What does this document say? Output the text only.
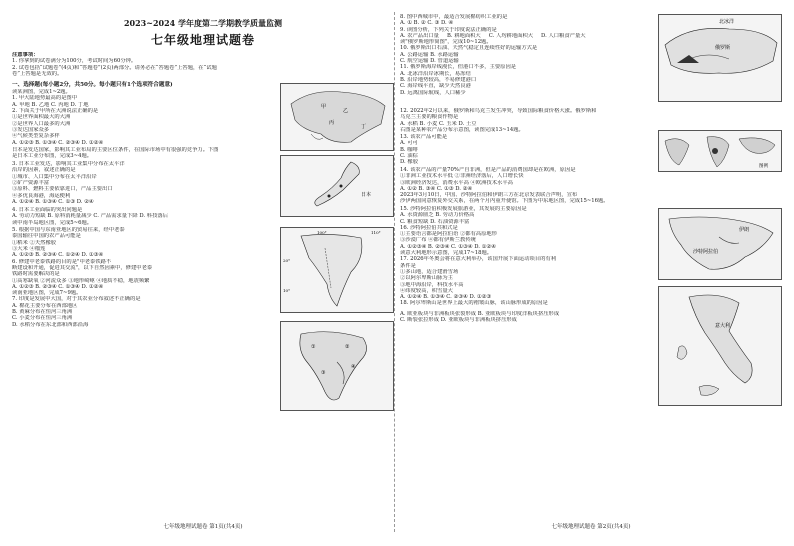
2023~2024 学年度第二学期教学质量监测
七年级地理试题卷
注意事项：
1. 你拿到的试卷满分为100分，考试时间为60分钟。
2. 试卷包括“试题卷”(4页)和“答题卷”(2页)两部分。请务必在“答题卷”上答题，在“试题
卷”上答题是无效的。
一、选择题(每小题2分，共50分。每小题只有1个选项符合题意)
读某洲图，完成1~2题。
1. 甲大陆地势最高的是图中
A. 甲地 B. 乙地 C. 丙地 D. 丁地
2. 下面关于甲所在大洲说法正确的是
①是世界面积最大的大洲
②是世界人口最多的大洲
③发达国家众多
④气候类型复杂多样
A. ①②③ B. ①③④ C. ②③④ D. ①②④
日本是发达国家，影响其工业布局的主要区位条件，在国际市场中有很强的竞争力。下图
是日本工业分布图，完成3~4题。
3. 日本工业发达，影响其工业集中分布在太平洋
沿岸的因素，叙述正确的是
①城市、人口集中分布在太平洋沿岸
②矿产资源丰富
③原料、燃料主要依靠进口，产品主要出口
④多优良海港，海运便利
A. ①②④ B. ①③④ C. ①③ D. ②④
4. 日本工业面临的突出问题是
A. 劳动力短缺 B. 原料消耗量减少 C. 产品需求量下降 D. 科技落后
读中南半岛地区图，完成5~6题。
5. 根据中国与东南亚地区的贸易往来，经中老泰
泰国输往中国的农产品可能是
①稻米 ②天然橡胶
③大米 ④榴莲
A. ①②③ B. ②③④ C. ①②④ D. ①③④
6. 修建中老泰铁路的目的是"中老泰铁路不
断建设和开通，促进其交流"，以下自然因素中，修建中老泰
铁路时需要解决的是
①高寒缺氧 ②河流众多 ③地形崎岖 ④地质不稳，地震频繁
A. ①②③ B. ②③④ C. ①③④ D. ①②④
读南亚地区图，完成7~9题。
7. 印度是发展中大国，对于其农业分布叙述不正确的是
A. 棉花主要分布在西部地区
B. 黄麻分布在恒河三角洲
C. 小麦分布在恒河三角洲
D. 水稻分布在东北部和西部沿海
甲
乙
丙
丁
日本
100°	110°
20°
10°
①	②
③
④
七年级地理试题卷 第1页(共4页)
8. 图中西城市中，最适合发展棉纺织工业的是
A. ① B. ② C. ③ D. ④
9. 读图分析，下列关于印度说法正确的是
A. 农产品出口量 B. 耕地面积大 C. 人均耕地面积大 D. 人口粮食产量大
读"俄罗斯地形简图"，完成10~12题。
10. 俄罗斯出口石油、天然气稳定且连续性好的运输方式是
A. 公路运输 B. 水路运输
C. 航空运输 D. 管道运输
11. 俄罗斯海岸线漫长，但港口不多，主要原因是
A. 北冰洋沿岸冰期长，易冻结
B. 沿岸地势较高，不易修建港口
C. 海岸线平直，缺少天然良港
D. 远离国际航线，人口稀少
12. 2022年2月以来，俄罗斯和乌克兰发生冲突，导致国际粮食价格大涨。俄罗斯和
乌克兰主要的粮食作物是
A. 水稻 B. 小麦 C. 玉米 D. 土豆
右图是某种农产品分布示意图，读图完成13~14题。
13. 该农产品可能是
A. 可可
B. 咖啡
C. 油棕
D. 橡胶
14. 该农产品的产量70%产自非洲，但是产品的消费国却是在欧洲，原因是
①非洲工业技术水平低 ②非洲经济落后，人口增长快
③欧洲经济发达，消费水平高 ④欧洲技术水平高
A. ①② B. ③④ C. ①③ D. ②④
2023年3月10日，中国、沙特阿拉伯和伊朗三方在北京发表联合声明，宣布
沙伊两国同意恢复外交关系，在两个月内重开使馆。下图为中东地区图，完成15~16题。
15. 沙特阿拉伯积极发展旅游业，其发展的主要原因是
A. 水资源匮乏 B. 劳动力价格高
C. 粮食短缺 D. 石油资源丰富
16. 沙特阿拉伯共和式是
①主要语言都是阿拉伯语 ②都有高原地形
③沙漠广布 ④都有伊斯兰教传统
A. ①②③④ B. ②③④ C. ①③④ D. ①②④
读意大利地形示意图，完成17~18题。
17. 2026年冬奥会将在意大利举办，该国开展下面运动项目的有利
条件是
①多山地，适合建滑雪场
②以阿尔卑斯山脉为主
③地中海沿岸，科技水平高
④纬度较高，积雪量大
A. ①②④ B. ①③④ C. ②③④ D. ①②③
18. 阿尔卑斯山是世界上最大的褶皱山脉，该山脉形成的原因是
A. 欧亚板块与非洲板块张裂形成 B. 亚欧板块与印度洋板块挤压形成
C. 断裂张拉形成 D. 亚欧板块与非洲板块挤压形成
北冰洋
俄罗斯
图例
伊朗
沙特阿拉伯
意大利
七年级地理试题卷 第2页(共4页)
